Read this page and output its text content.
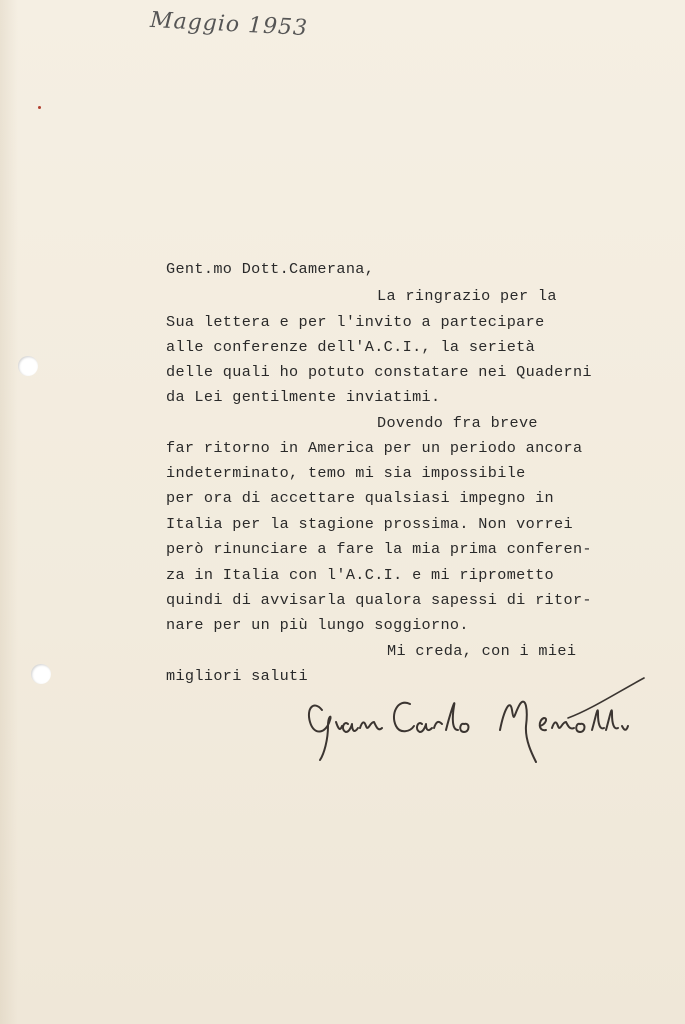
Maggio 1953
Gent.mo Dott.Camerana,
La ringrazio per la
Sua lettera e per l'invito a partecipare
alle conferenze dell'A.C.I., la serietà
delle quali ho potuto constatare nei Quaderni
da Lei gentilmente inviatimi.
Dovendo fra breve
far ritorno in America per un periodo ancora
indeterminato, temo mi sia impossibile
per ora di accettare qualsiasi impegno in
Italia per la stagione prossima. Non vorrei
però rinunciare a fare la mia prima conferen-
za in Italia con l'A.C.I. e mi riprometto
quindi di avvisarla qualora sapessi di ritor-
nare per un più lungo soggiorno.
Mi creda, con i miei
migliori saluti
